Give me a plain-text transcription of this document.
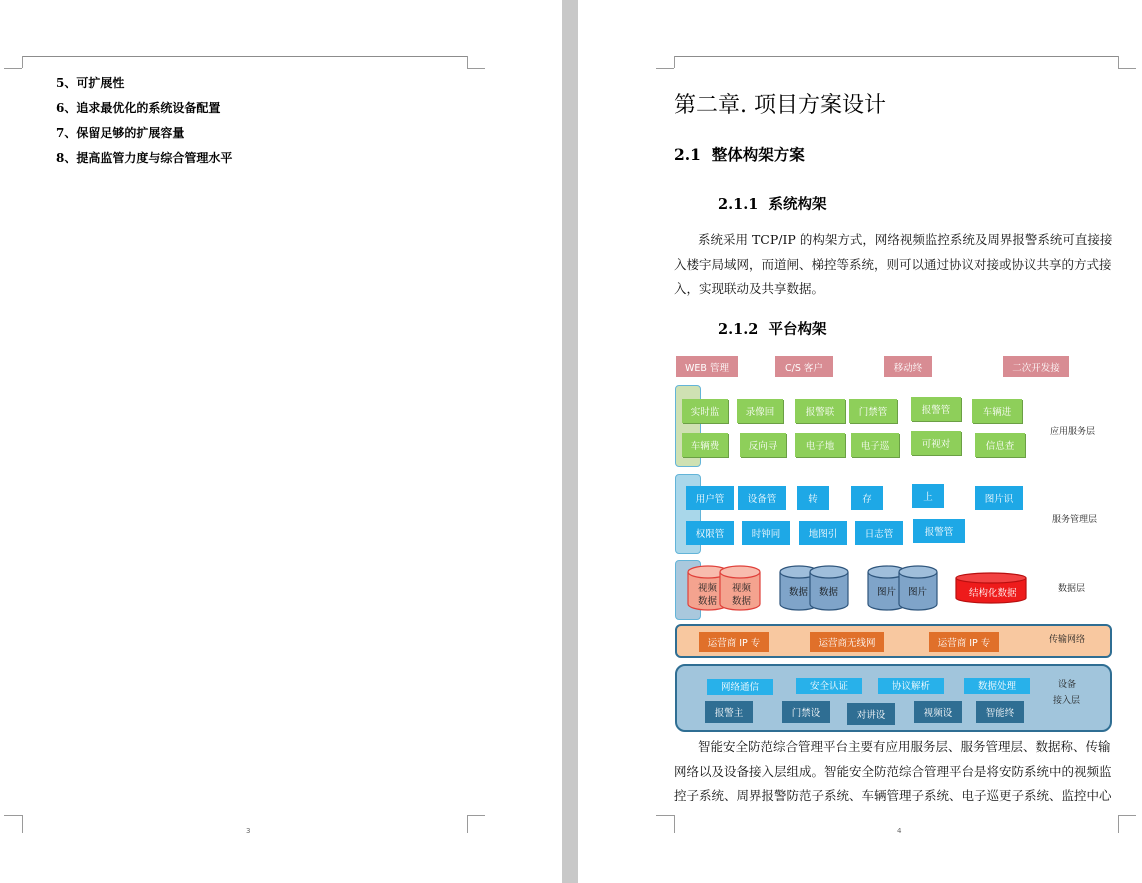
5、可扩展性
6、追求最优化的系统设备配置
7、保留足够的扩展容量
8、提高监管力度与综合管理水平
3
第二章. 项目方案设计
2.1  整体构架方案
2.1.1  系统构架
系统采用 TCP/IP 的构架方式，网络视频监控系统及周界报警系统可直接接入楼宇局域网，而道闸、梯控等系统，则可以通过协议对接或协议共享的方式接入，实现联动及共享数据。
2.1.2  平台构架
WEB 管理	C/S 客户	移动终	二次开发接
实时监	录像回	报警联	门禁管	报警管	车辆进
车辆费	反向寻	电子地	电子巡	可视对	信息查
应用服务层
用户管	设备管	转	存	上	图片识
权限管	时钟同	地图引	日志管	报警管
服务管理层
视频
数据
视频
数据
数据 数据	图片 图片	结构化数据	数据层
运营商 IP 专	运营商无线网	运营商 IP 专	传输网络
网络通信	安全认证	协议解析	数据处理
报警主	门禁设	对讲设	视频设	智能终
设备
接入层
智能安全防范综合管理平台主要有应用服务层、服务管理层、数据称、传输网络以及设备接入层组成。智能安全防范综合管理平台是将安防系统中的视频监控子系统、周界报警防范子系统、车辆管理子系统、电子巡更子系统、监控中心
4
